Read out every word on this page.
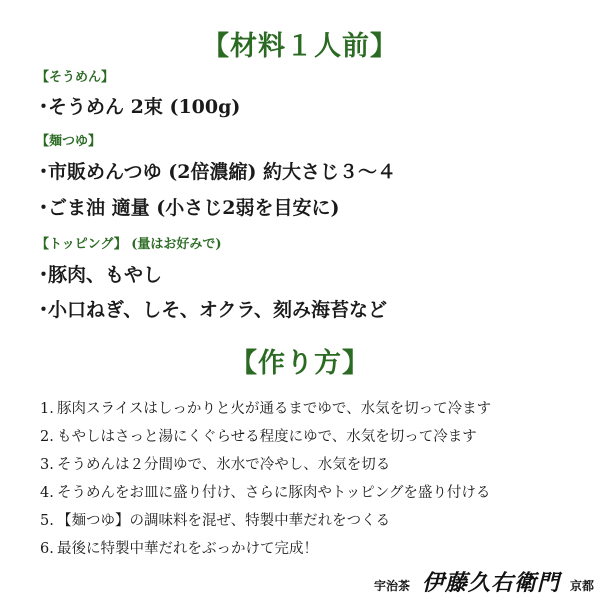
【材料１人前】
【そうめん】
・そうめん 2束 (100g)
【麺つゆ】
・市販めんつゆ (2倍濃縮) 約大さじ３～４
・ごま油 適量 (小さじ2弱を目安に)
【トッピング】 (量はお好みで)
・豚肉、もやし
・小口ねぎ、しそ、オクラ、刻み海苔など
【作り方】
1. 豚肉スライスはしっかりと火が通るまでゆで、水気を切って冷ます
2. もやしはさっと湯にくぐらせる程度にゆで、水気を切って冷ます
3. そうめんは２分間ゆで、氷水で冷やし、水気を切る
4. そうめんをお皿に盛り付け、さらに豚肉やトッピングを盛り付ける
5. 【麺つゆ】の調味料を混ぜ、特製中華だれをつくる
6. 最後に特製中華だれをぶっかけて完成！
宇治茶 伊藤久右衛門 京都
